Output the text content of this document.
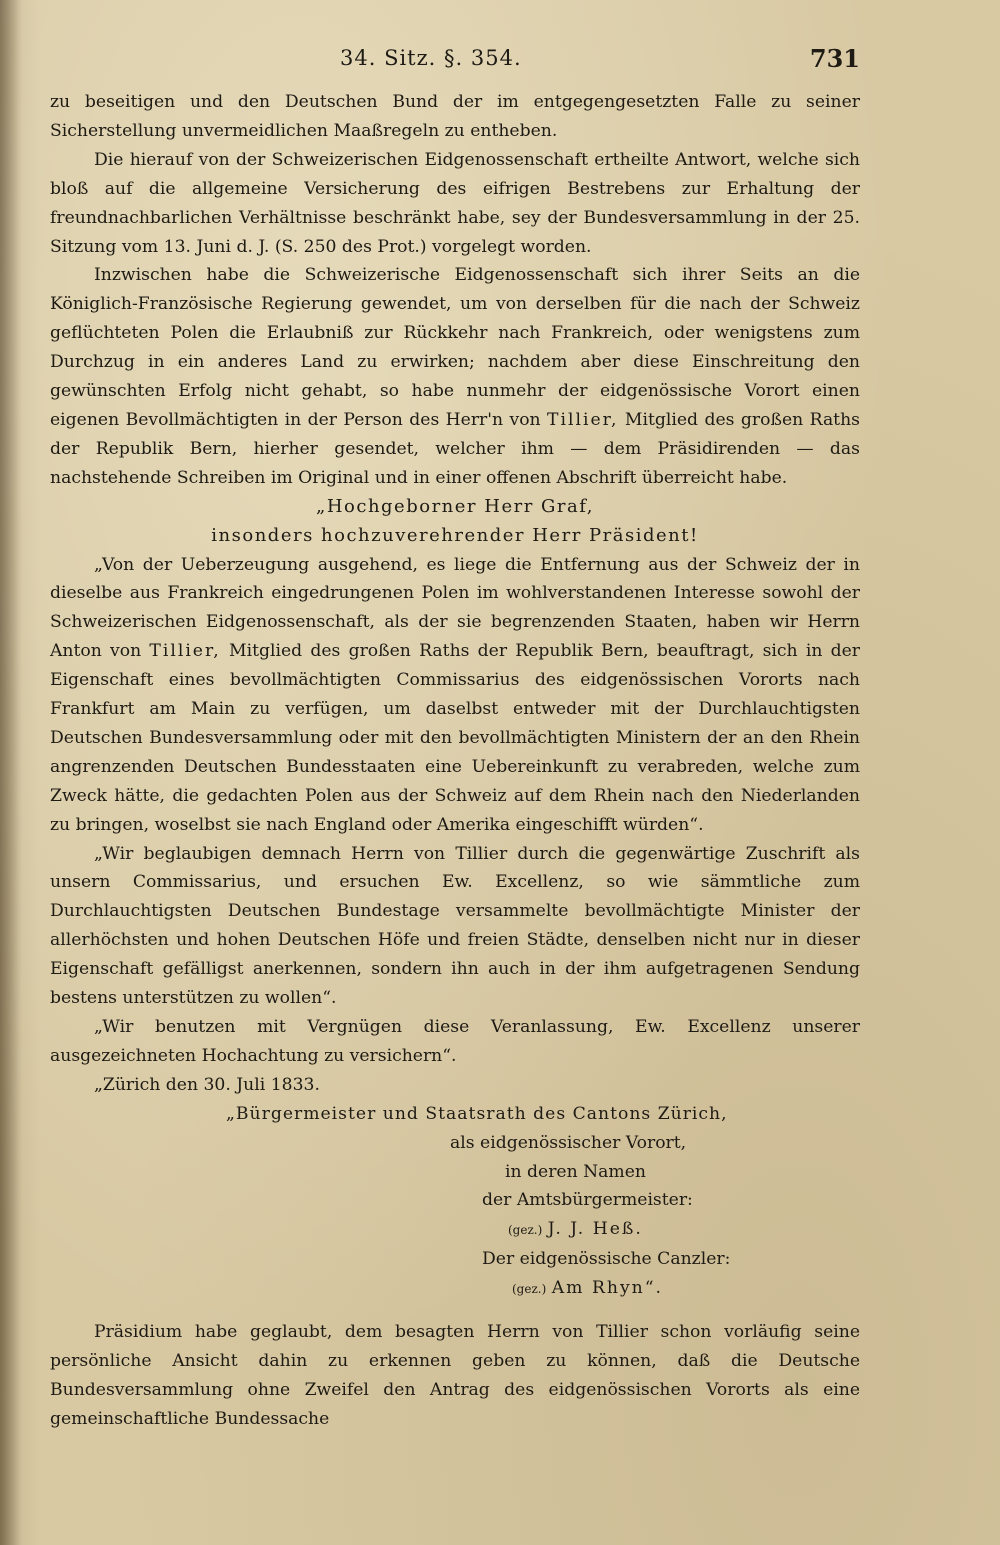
34. Sitz. §. 354.	731

zu beseitigen und den Deutschen Bund der im entgegengesetzten Falle zu seiner Sicherstellung unvermeidlichen Maaßregeln zu entheben.

Die hierauf von der Schweizerischen Eidgenossenschaft ertheilte Antwort, welche sich bloß auf die allgemeine Versicherung des eifrigen Bestrebens zur Erhaltung der freundnachbarlichen Verhältnisse beschränkt habe, sey der Bundesversammlung in der 25. Sitzung vom 13. Juni d. J. (S. 250 des Prot.) vorgelegt worden.

Inzwischen habe die Schweizerische Eidgenossenschaft sich ihrer Seits an die Königlich-Französische Regierung gewendet, um von derselben für die nach der Schweiz geflüchteten Polen die Erlaubniß zur Rückkehr nach Frankreich, oder wenigstens zum Durchzug in ein anderes Land zu erwirken; nachdem aber diese Einschreitung den gewünschten Erfolg nicht gehabt, so habe nunmehr der eidgenössische Vorort einen eigenen Bevollmächtigten in der Person des Herr'n von Tillier, Mitglied des großen Raths der Republik Bern, hierher gesendet, welcher ihm — dem Präsidirenden — das nachstehende Schreiben im Original und in einer offenen Abschrift überreicht habe.

„Hochgeborner Herr Graf,

insonders hochzuverehrender Herr Präsident!

„Von der Ueberzeugung ausgehend, es liege die Entfernung aus der Schweiz der in dieselbe aus Frankreich eingedrungenen Polen im wohlverstandenen Interesse sowohl der Schweizerischen Eidgenossenschaft, als der sie begrenzenden Staaten, haben wir Herrn Anton von Tillier, Mitglied des großen Raths der Republik Bern, beauftragt, sich in der Eigenschaft eines bevollmächtigten Commissarius des eidgenössischen Vororts nach Frankfurt am Main zu verfügen, um daselbst entweder mit der Durchlauchtigsten Deutschen Bundesversammlung oder mit den bevollmächtigten Ministern der an den Rhein angrenzenden Deutschen Bundesstaaten eine Uebereinkunft zu verabreden, welche zum Zweck hätte, die gedachten Polen aus der Schweiz auf dem Rhein nach den Niederlanden zu bringen, woselbst sie nach England oder Amerika eingeschifft würden“.

„Wir beglaubigen demnach Herrn von Tillier durch die gegenwärtige Zuschrift als unsern Commissarius, und ersuchen Ew. Excellenz, so wie sämmtliche zum Durchlauchtigsten Deutschen Bundestage versammelte bevollmächtigte Minister der allerhöchsten und hohen Deutschen Höfe und freien Städte, denselben nicht nur in dieser Eigenschaft gefälligst anerkennen, sondern ihn auch in der ihm aufgetragenen Sendung bestens unterstützen zu wollen“.

„Wir benutzen mit Vergnügen diese Veranlassung, Ew. Excellenz unserer ausgezeichneten Hochachtung zu versichern“.

„Zürich den 30. Juli 1833.

„Bürgermeister und Staatsrath des Cantons Zürich,

als eidgenössischer Vorort,

in deren Namen

der Amtsbürgermeister:

(gez.) J. J. Heß.

Der eidgenössische Canzler:

(gez.) Am Rhyn“.

Präsidium habe geglaubt, dem besagten Herrn von Tillier schon vorläufig seine persönliche Ansicht dahin zu erkennen geben zu können, daß die Deutsche Bundesversammlung ohne Zweifel den Antrag des eidgenössischen Vororts als eine gemeinschaftliche Bundessache
